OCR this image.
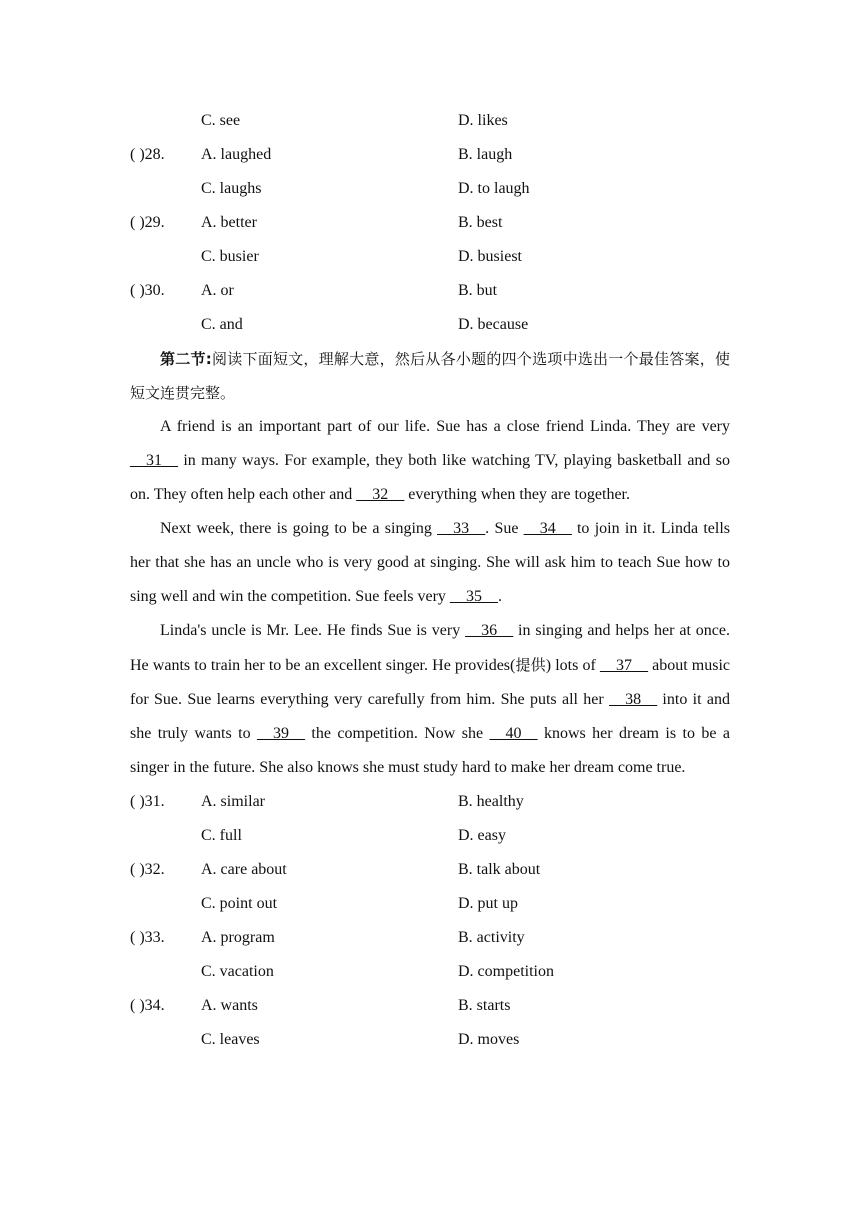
C. see	D. likes
( )28. A. laughed	B. laugh
C. laughs	D. to laugh
( )29. A. better	B. best
C. busier	D. busiest
( )30. A. or	B. but
C. and	D. because

第二节:阅读下面短文，理解大意，然后从各小题的四个选项中选出一个最佳答案，使短文连贯完整。

A friend is an important part of our life. Sue has a close friend Linda. They are very __31__ in many ways. For example, they both like watching TV, playing basketball and so on. They often help each other and __32__ everything when they are together.

Next week, there is going to be a singing __33__. Sue __34__ to join in it. Linda tells her that she has an uncle who is very good at singing. She will ask him to teach Sue how to sing well and win the competition. Sue feels very __35__.

Linda's uncle is Mr. Lee. He finds Sue is very __36__ in singing and helps her at once. He wants to train her to be an excellent singer. He provides(提供) lots of __37__ about music for Sue. Sue learns everything very carefully from him. She puts all her __38__ into it and she truly wants to __39__ the competition. Now she __40__ knows her dream is to be a singer in the future. She also knows she must study hard to make her dream come true.

( )31. A. similar	B. healthy
C. full	D. easy
( )32. A. care about	B. talk about
C. point out	D. put up
( )33. A. program	B. activity
C. vacation	D. competition
( )34. A. wants	B. starts
C. leaves	D. moves
